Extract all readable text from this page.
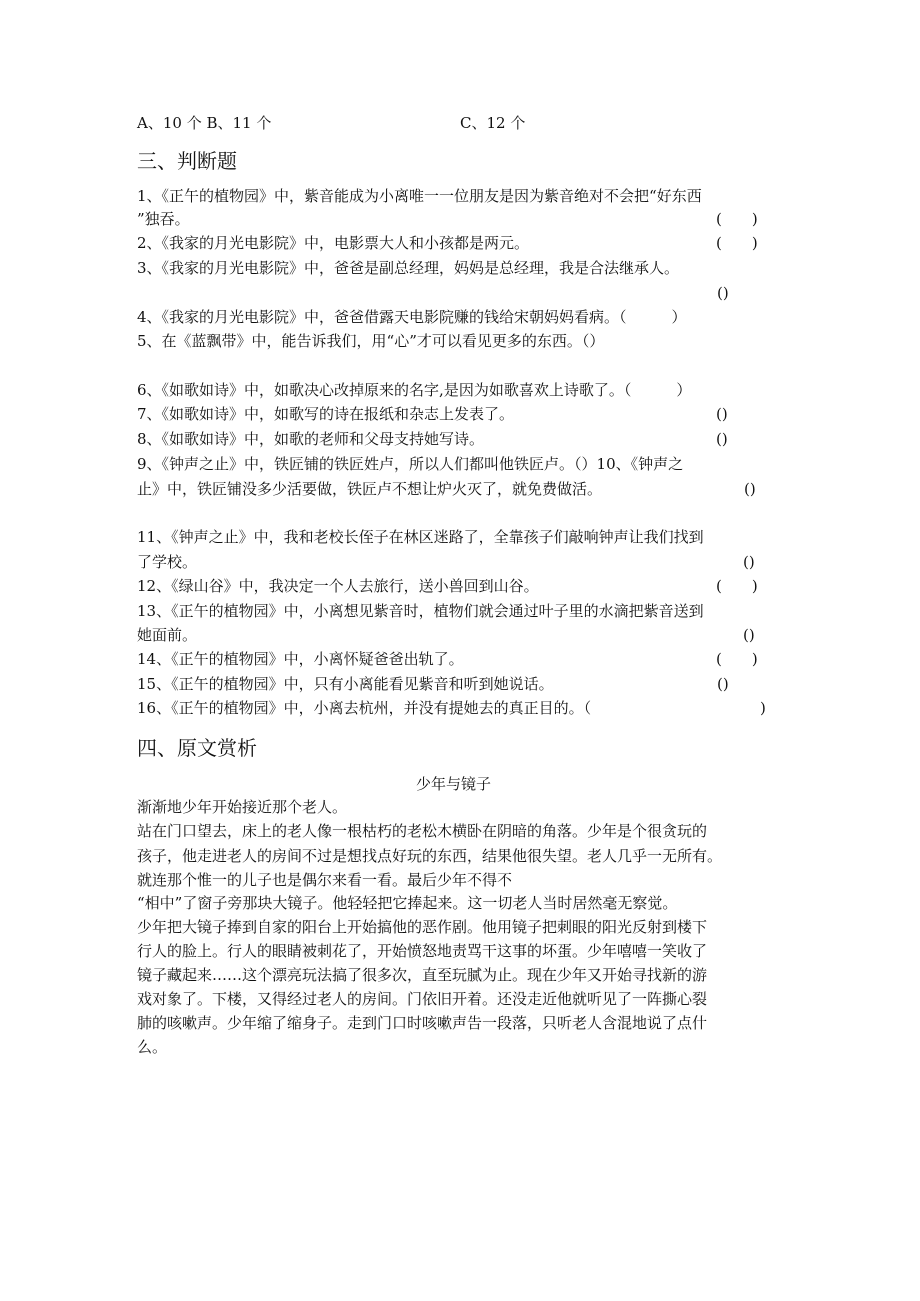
A、10 个 B、11 个	C、12 个
三、判断题
1、《正午的植物园》中，紫音能成为小离唯一一位朋友是因为紫音绝对不会把“好东西
”独吞。	(　　)
2、《我家的月光电影院》中，电影票大人和小孩都是两元。	(　　)
3、《我家的月光电影院》中，爸爸是副总经理，妈妈是总经理，我是合法继承人。
()
4、《我家的月光电影院》中，爸爸借露天电影院赚的钱给宋朝妈妈看病。（　　　）
5、在《蓝飘带》中，能告诉我们，用“心”才可以看见更多的东西。（）
6、《如歌如诗》中，如歌决心改掉原来的名字,是因为如歌喜欢上诗歌了。（　　　）
7、《如歌如诗》中，如歌写的诗在报纸和杂志上发表了。	()
8、《如歌如诗》中，如歌的老师和父母支持她写诗。	()
9、《钟声之止》中，铁匠铺的铁匠姓卢，所以人们都叫他铁匠卢。（）10、《钟声之
止》中，铁匠铺没多少活要做，铁匠卢不想让炉火灭了，就免费做活。	()
11、《钟声之止》中，我和老校长侄子在林区迷路了，全靠孩子们敲响钟声让我们找到
了学校。	()
12、《绿山谷》中，我决定一个人去旅行，送小兽回到山谷。	(　　)
13、《正午的植物园》中，小离想见紫音时，植物们就会通过叶子里的水滴把紫音送到
她面前。	()
14、《正午的植物园》中，小离怀疑爸爸出轨了。	(　　)
15、《正午的植物园》中，只有小离能看见紫音和听到她说话。	()
16、《正午的植物园》中，小离去杭州，并没有提她去的真正目的。（	)
四、原文赏析
少年与镜子
渐渐地少年开始接近那个老人。
站在门口望去，床上的老人像一根枯朽的老松木横卧在阴暗的角落。少年是个很贪玩的
孩子，他走进老人的房间不过是想找点好玩的东西，结果他很失望。老人几乎一无所有。
就连那个惟一的儿子也是偶尔来看一看。最后少年不得不
“相中”了窗子旁那块大镜子。他轻轻把它捧起来。这一切老人当时居然毫无察觉。
少年把大镜子捧到自家的阳台上开始搞他的恶作剧。他用镜子把刺眼的阳光反射到楼下
行人的脸上。行人的眼睛被刺花了，开始愤怒地责骂干这事的坏蛋。少年嘻嘻一笑收了
镜子藏起来……这个漂亮玩法搞了很多次，直至玩腻为止。现在少年又开始寻找新的游
戏对象了。下楼，又得经过老人的房间。门依旧开着。还没走近他就听见了一阵撕心裂
肺的咳嗽声。少年缩了缩身子。走到门口时咳嗽声告一段落，只听老人含混地说了点什
么。
